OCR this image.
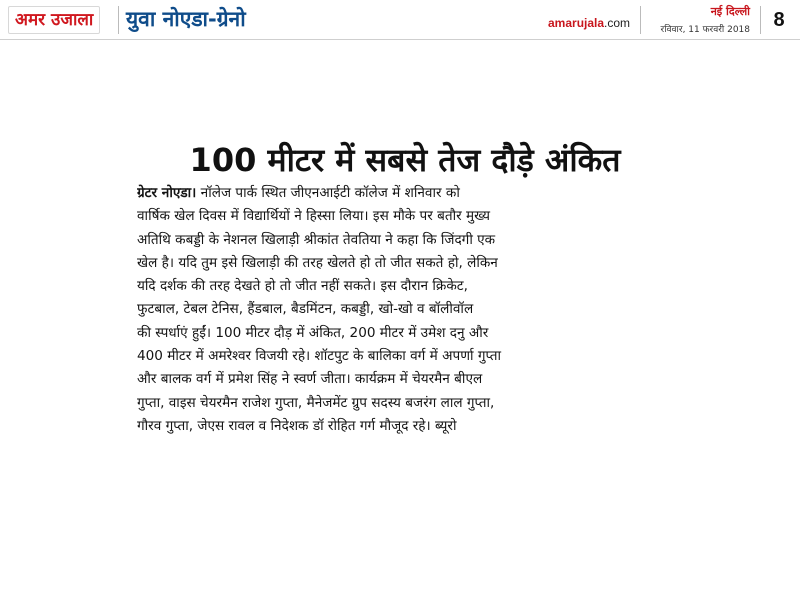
अमर उजाला	युवा नोएडा-ग्रेनो	amarujala.com
नई दिल्ली
रविवार, 11 फरवरी 2018	8
100 मीटर में सबसे तेज दौड़े अंकित
ग्रेटर नोएडा। नॉलेज पार्क स्थित जीएनआईटी कॉलेज में शनिवार को
वार्षिक खेल दिवस में विद्यार्थियों ने हिस्सा लिया। इस मौके पर बतौर मुख्य
अतिथि कबड्डी के नेशनल खिलाड़ी श्रीकांत तेवतिया ने कहा कि जिंदगी एक
खेल है। यदि तुम इसे खिलाड़ी की तरह खेलते हो तो जीत सकते हो, लेकिन
यदि दर्शक की तरह देखते हो तो जीत नहीं सकते। इस दौरान क्रिकेट,
फुटबाल, टेबल टेनिस, हैंडबाल, बैडमिंटन, कबड्डी, खो-खो व बॉलीवॉल
की स्पर्धाएं हुईं। 100 मीटर दौड़ में अंकित, 200 मीटर में उमेश दनु और
400 मीटर में अमरेश्वर विजयी रहे। शॉटपुट के बालिका वर्ग में अपर्णा गुप्ता
और बालक वर्ग में प्रमेश सिंह ने स्वर्ण जीता। कार्यक्रम में चेयरमैन बीएल
गुप्ता, वाइस चेयरमैन राजेश गुप्ता, मैनेजमेंट ग्रुप सदस्य बजरंग लाल गुप्ता,
गौरव गुप्ता, जेएस रावल व निदेशक डॉ रोहित गर्ग मौजूद रहे। ब्यूरो
